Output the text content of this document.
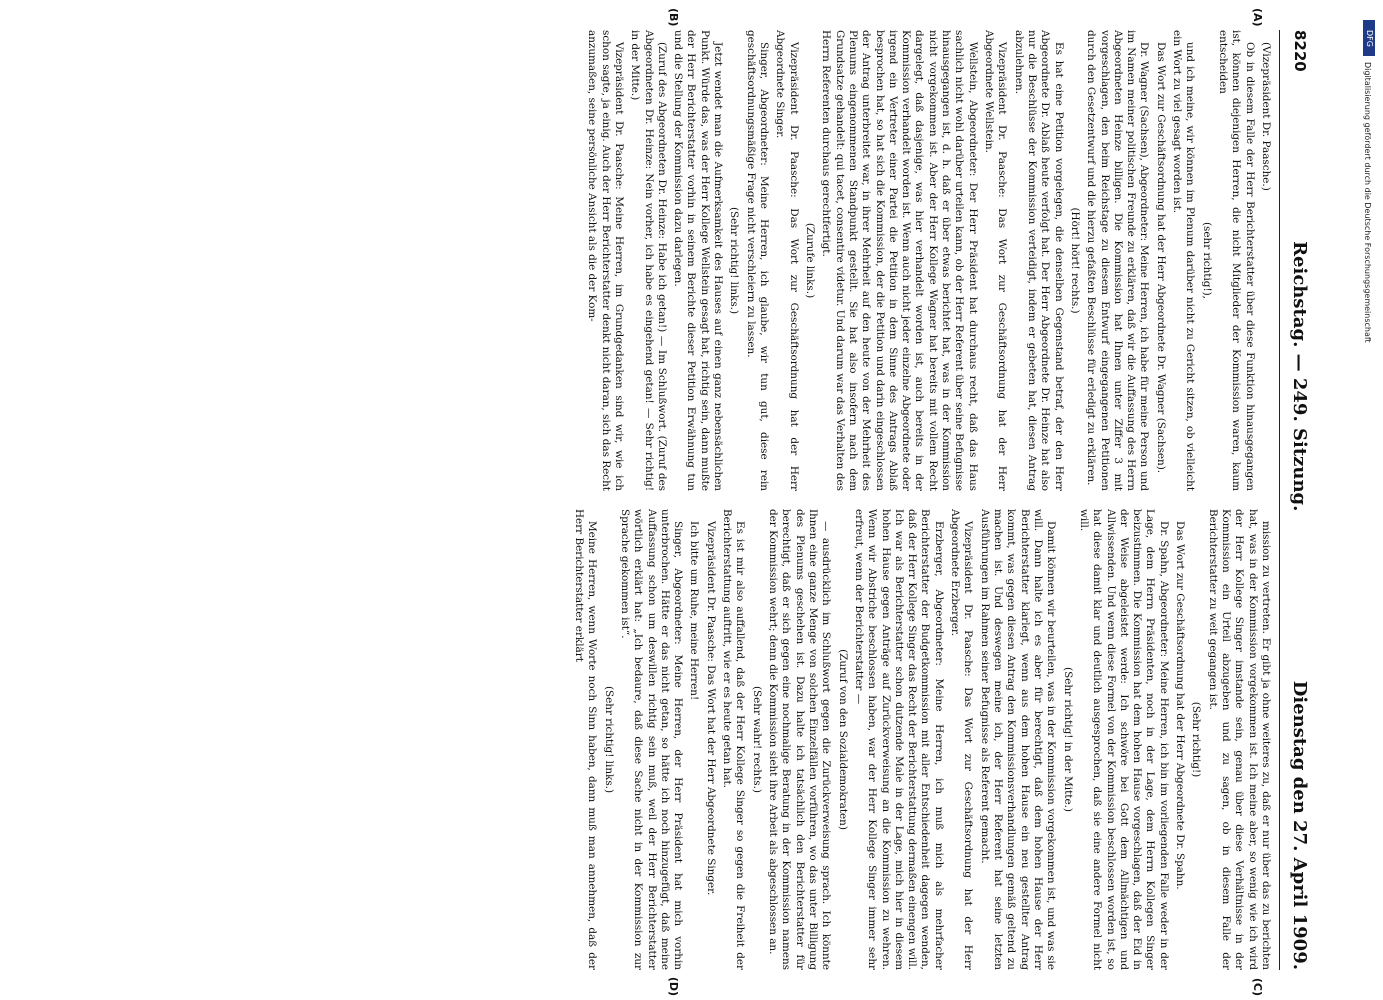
8220
Reichstag. — 249. Sitzung.
Dienstag den 27. April 1909.

(Vizepräsident Dr. Paasche.)

Ob in diesem Falle der Herr Berichterstatter über diese Funktion hinausgegangen ist, können diejenigen Herren, die nicht Mitglieder der Kommission waren, kaum entscheiden

(sehr richtig!),

und ich meine, wir können im Plenum darüber nicht zu Gericht sitzen, ob vielleicht ein Wort zu viel gesagt worden ist.

Das Wort zur Geschäftsordnung hat der Herr Abgeordnete Dr. Wagner (Sachsen).

Dr. Wagner (Sachsen), Abgeordneter: Meine Herren, ich habe für meine Person und im Namen meiner politischen Freunde zu erklären, daß wir die Auffassung des Herrn Abgeordneten Heinze billigen. Die Kommission hat Ihnen unter Ziffer 3 mit vorgeschlagen, den beim Reichstage zu diesem Entwurf eingegangenen Petitionen durch den Gesetzentwurf und die hierzu gefaßten Beschlüsse für erledigt zu erklären.

(Hört! hört! rechts.)

Es hat eine Petition vorgelegen, die denselben Gegenstand betraf, der den Herr Abgeordnete Dr. Ablaß heute verfolgt hat. Der Herr Abgeordnete Dr. Heinze hat also nur die Beschlüsse der Kommission verteidigt, indem er gebeten hat, diesen Antrag abzulehnen.

Vizepräsident Dr. Paasche: Das Wort zur Geschäftsordnung hat der Herr Abgeordnete Wellstein.

Wellstein, Abgeordneter: Der Herr Präsident hat durchaus recht, daß das Haus sachlich nicht wohl darüber urteilen kann, ob der Herr Referent über seine Befugnisse hinausgegangen ist, d. h. daß er über etwas berichtet hat, was in der Kommission nicht vorgekommen ist. Aber der Herr Kollege Wagner hat bereits mit vollem Recht dargelegt, daß dasjenige, was hier verhandelt worden ist, auch bereits in der Kommission verhandelt worden ist. Wenn auch nicht jeder einzelne Abgeordnete oder irgend ein Vertreter einer Partei die Petition in dem Sinne des Antrags Ablaß besprochen hat, so hat sich die Kommission, der die Petition und darin eingeschlossen der Antrag unterbreitet war, in ihrer Mehrheit auf den heute von der Mehrheit des Plenums eingenommenen Standpunkt gestellt. Sie hat also insofern nach dem Grundsatze gehandelt: qui tacet, consentire videtur. Und darum war das Verhalten des Herrn Referenten durchaus gerechtfertigt.

(Zurufe links.)

Vizepräsident Dr. Paasche: Das Wort zur Geschäftsordnung hat der Herr Abgeordnete Singer.

Singer, Abgeordneter: Meine Herren, ich glaube, wir tun gut, diese rein geschäftsordnungsmäßige Frage nicht verschleiern zu lassen.

(Sehr richtig! links.)

Jetzt wendet man die Aufmerksamkeit des Hauses auf einen ganz nebensächlichen Punkt. Würde das, was der Herr Kollege Wellstein gesagt hat, richtig sein, dann mußte der Herr Berichterstatter vorhin in seinem Berichte dieser Petition Erwähnung tun und die Stellung der Kommission dazu darlegen.

(Zuruf des Abgeordneten Dr. Heinze: Habe ich getan!) — Im Schlußwort. (Zuruf des Abgeordneten Dr. Heinze: Nein vorher, ich habe es eingehend getan! — Sehr richtig! in der Mitte.)

Vizepräsident Dr. Paasche: Meine Herren, im Grundgedanken sind wir, wie ich schon sagte, ja einig. Auch der Herr Berichterstatter denkt nicht daran, sich das Recht anzumaßen, seine persönliche Ansicht als die der Kom-

mission zu vertreten. Er gibt ja ohne weiteres zu, daß er nur über das zu berichten hat, was in der Kommission vorgekommen ist. Ich meine aber, so wenig wie ich wird der Herr Kollege Singer imstande sein, genau über diese Verhältnisse in der Kommission ein Urteil abzugeben und zu sagen, ob in diesem Falle der Berichterstatter zu weit gegangen ist.

(Sehr richtig!)

Das Wort zur Geschäftsordnung hat der Herr Abgeordnete Dr. Spahn.

Dr. Spahn, Abgeordneter: Meine Herren, ich bin im vorliegenden Falle weder in der Lage, dem Herrn Präsidenten, noch in der Lage, dem Herrn Kollegen Singer beizustimmen. Die Kommission hat dem hohen Hause vorgeschlagen, daß der Eid in der Weise abgeleistet werde: Ich schwöre bei Gott dem Allmächtigen und Allwissenden. Und wenn diese Formel von der Kommission beschlossen worden ist, so hat diese damit klar und deutlich ausgesprochen, daß sie eine andere Formel nicht will.

(Sehr richtig! in der Mitte.)

Damit können wir beurteilen, was in der Kommission vorgekommen ist, und was sie will. Dann halte ich es aber für berechtigt, daß dem hohen Hause der Herr Berichterstatter klarlegt, wenn aus dem hohen Hause ein neu gestellter Antrag kommt, was gegen diesen Antrag den Kommissionsverhandlungen gemäß geltend zu machen ist. Und deswegen meine ich, der Herr Referent hat seine letzten Ausführungen im Rahmen seiner Befugnisse als Referent gemacht.

Vizepräsident Dr. Paasche: Das Wort zur Geschäftsordnung hat der Herr Abgeordnete Erzberger.

Erzberger, Abgeordneter: Meine Herren, ich muß mich als mehrfacher Berichterstatter der Budgetkommission mit aller Entschiedenheit dagegen wenden, daß der Herr Kollege Singer das Recht der Berichterstattung dermaßen einengen will. Ich war als Berichterstatter schon dutzende Male in der Lage, mich hier in diesem hohen Hause gegen Anträge auf Zurückverweisung an die Kommission zu wehren. Wenn wir Abstriche beschlossen haben, war der Herr Kollege Singer immer sehr erfreut, wenn der Berichterstatter —

(Zuruf von den Sozialdemokraten)

— ausdrücklich im Schlußwort gegen die Zurückverweisung sprach. Ich könnte Ihnen eine ganze Menge von solchen Einzelfällen vorführen, wo das unter Billigung des Plenums geschehen ist. Dazu halte ich tatsächlich den Berichterstatter für berechtigt, daß er sich gegen eine nochmalige Beratung in der Kommission namens der Kommission wehrt; denn die Kommission sieht ihre Arbeit als abgeschlossen an.

(Sehr wahr! rechts.)

Es ist mir also auffallend, daß der Herr Kollege Singer so gegen die Freiheit der Berichterstattung auftritt, wie er es heute getan hat.

Vizepräsident Dr. Paasche: Das Wort hat der Herr Abgeordnete Singer.

Ich bitte um Ruhe, meine Herren!

Singer, Abgeordneter: Meine Herren, der Herr Präsident hat mich vorhin unterbrochen. Hätte er das nicht getan, so hätte ich noch hinzugefügt, daß meine Auffassung schon um deswillen richtig sein muß, weil der Herr Berichterstatter wörtlich erklärt hat: „Ich bedaure, daß diese Sache nicht in der Kommission zur Sprache gekommen ist“.

(Sehr richtig! links.)

Meine Herren, wenn Worte noch Sinn haben, dann muß man annehmen, daß der Herr Berichterstatter erklärt

(A)
(B)
(C)
(D)
DFG
Digitalisierung gefördert durch die Deutsche Forschungsgemeinschaft
